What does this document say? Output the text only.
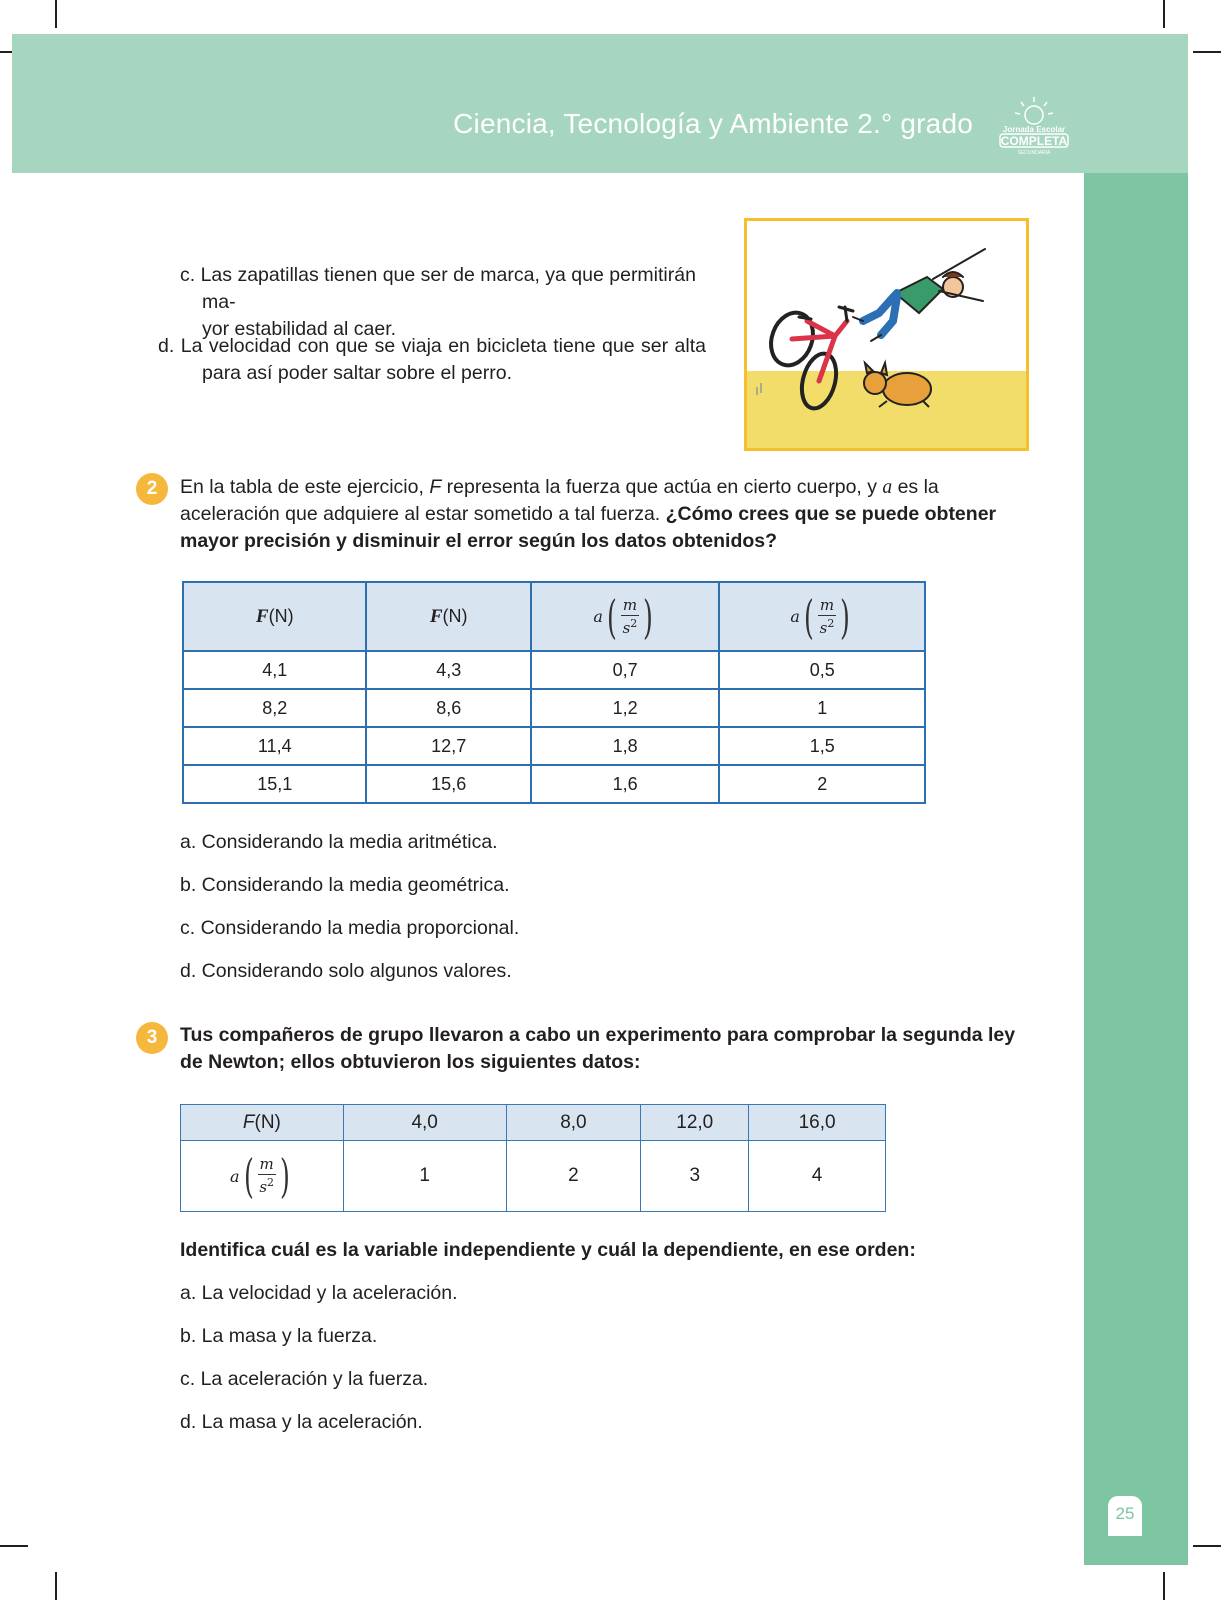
Ciencia, Tecnología y Ambiente 2.° grado	Jornada Escolar
COMPLETA
SECUNDARIA
25
c. Las zapatillas tienen que ser de marca, ya que permitirán ma-
yor estabilidad al caer.
d. La velocidad con que se viaja en bicicleta tiene que ser alta
para así poder saltar sobre el perro.
2	En la tabla de este ejercicio, F representa la fuerza que actúa en cierto cuerpo, y a es la aceleración que adquiere al estar sometido a tal fuerza. ¿Cómo crees que se puede obtener mayor precisión y disminuir el error según los datos obtenidos?
F(N)	F(N)	a ( $\frac{m}{s^2}$ )	a ( $\frac{m}{s^2}$ )

4,1	4,3	0,7	0,5
8,2	8,6	1,2	1
11,4	12,7	1,8	1,5
15,1	15,6	1,6	2
a. Considerando la media aritmética.
b. Considerando la media geométrica.
c. Considerando la media proporcional.
d. Considerando solo algunos valores.
3	Tus compañeros de grupo llevaron a cabo un experimento para comprobar la segunda ley de Newton; ellos obtuvieron los siguientes datos:
F(N)	4,0	8,0	12,0	16,0

a ( $\frac{m}{s^2}$ )	1	2	3	4
Identifica cuál es la variable independiente y cuál la dependiente, en ese orden:
a. La velocidad y la aceleración.
b. La masa y la fuerza.
c. La aceleración y la fuerza.
d. La masa y la aceleración.
